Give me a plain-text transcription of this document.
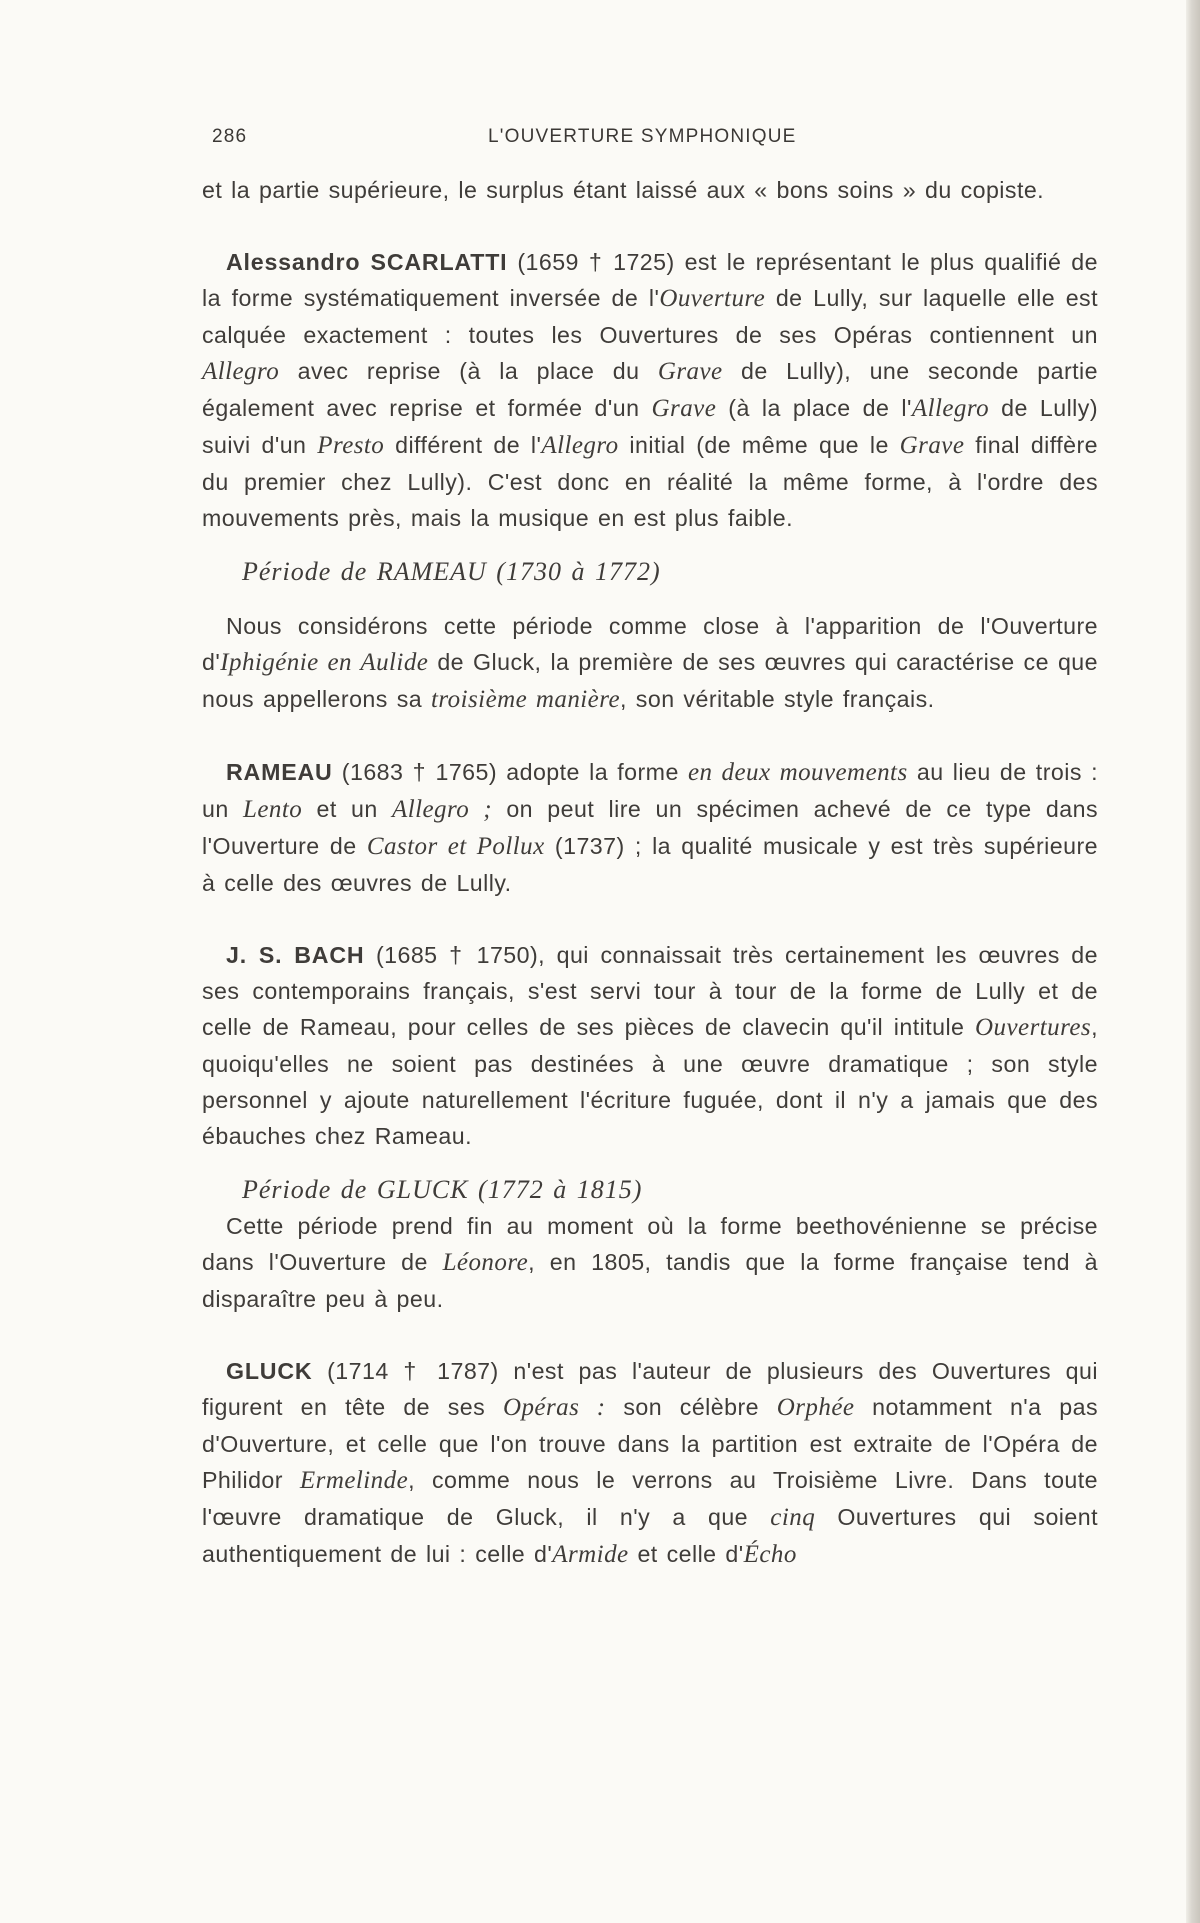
286	L'OUVERTURE SYMPHONIQUE

et la partie supérieure, le surplus étant laissé aux « bons soins » du copiste.

Alessandro SCARLATTI (1659 † 1725) est le représentant le plus qualifié de la forme systématiquement inversée de l'Ouverture de Lully, sur laquelle elle est calquée exactement : toutes les Ouvertures de ses Opéras contiennent un Allegro avec reprise (à la place du Grave de Lully), une seconde partie également avec reprise et formée d'un Grave (à la place de l'Allegro de Lully) suivi d'un Presto différent de l'Allegro initial (de même que le Grave final diffère du premier chez Lully). C'est donc en réalité la même forme, à l'ordre des mouvements près, mais la musique en est plus faible.

Période de RAMEAU (1730 à 1772)

Nous considérons cette période comme close à l'apparition de l'Ouverture d'Iphigénie en Aulide de Gluck, la première de ses œuvres qui caractérise ce que nous appellerons sa troisième manière, son véritable style français.

RAMEAU (1683 † 1765) adopte la forme en deux mouvements au lieu de trois : un Lento et un Allegro ; on peut lire un spécimen achevé de ce type dans l'Ouverture de Castor et Pollux (1737) ; la qualité musicale y est très supérieure à celle des œuvres de Lully.

J. S. BACH (1685 † 1750), qui connaissait très certainement les œuvres de ses contemporains français, s'est servi tour à tour de la forme de Lully et de celle de Rameau, pour celles de ses pièces de clavecin qu'il intitule Ouvertures, quoiqu'elles ne soient pas destinées à une œuvre dramatique ; son style personnel y ajoute naturellement l'écriture fuguée, dont il n'y a jamais que des ébauches chez Rameau.

Période de GLUCK (1772 à 1815)

Cette période prend fin au moment où la forme beethovénienne se précise dans l'Ouverture de Léonore, en 1805, tandis que la forme française tend à disparaître peu à peu.

GLUCK (1714 † 1787) n'est pas l'auteur de plusieurs des Ouvertures qui figurent en tête de ses Opéras : son célèbre Orphée notamment n'a pas d'Ouverture, et celle que l'on trouve dans la partition est extraite de l'Opéra de Philidor Ermelinde, comme nous le verrons au Troisième Livre. Dans toute l'œuvre dramatique de Gluck, il n'y a que cinq Ouvertures qui soient authentiquement de lui : celle d'Armide et celle d'Écho
